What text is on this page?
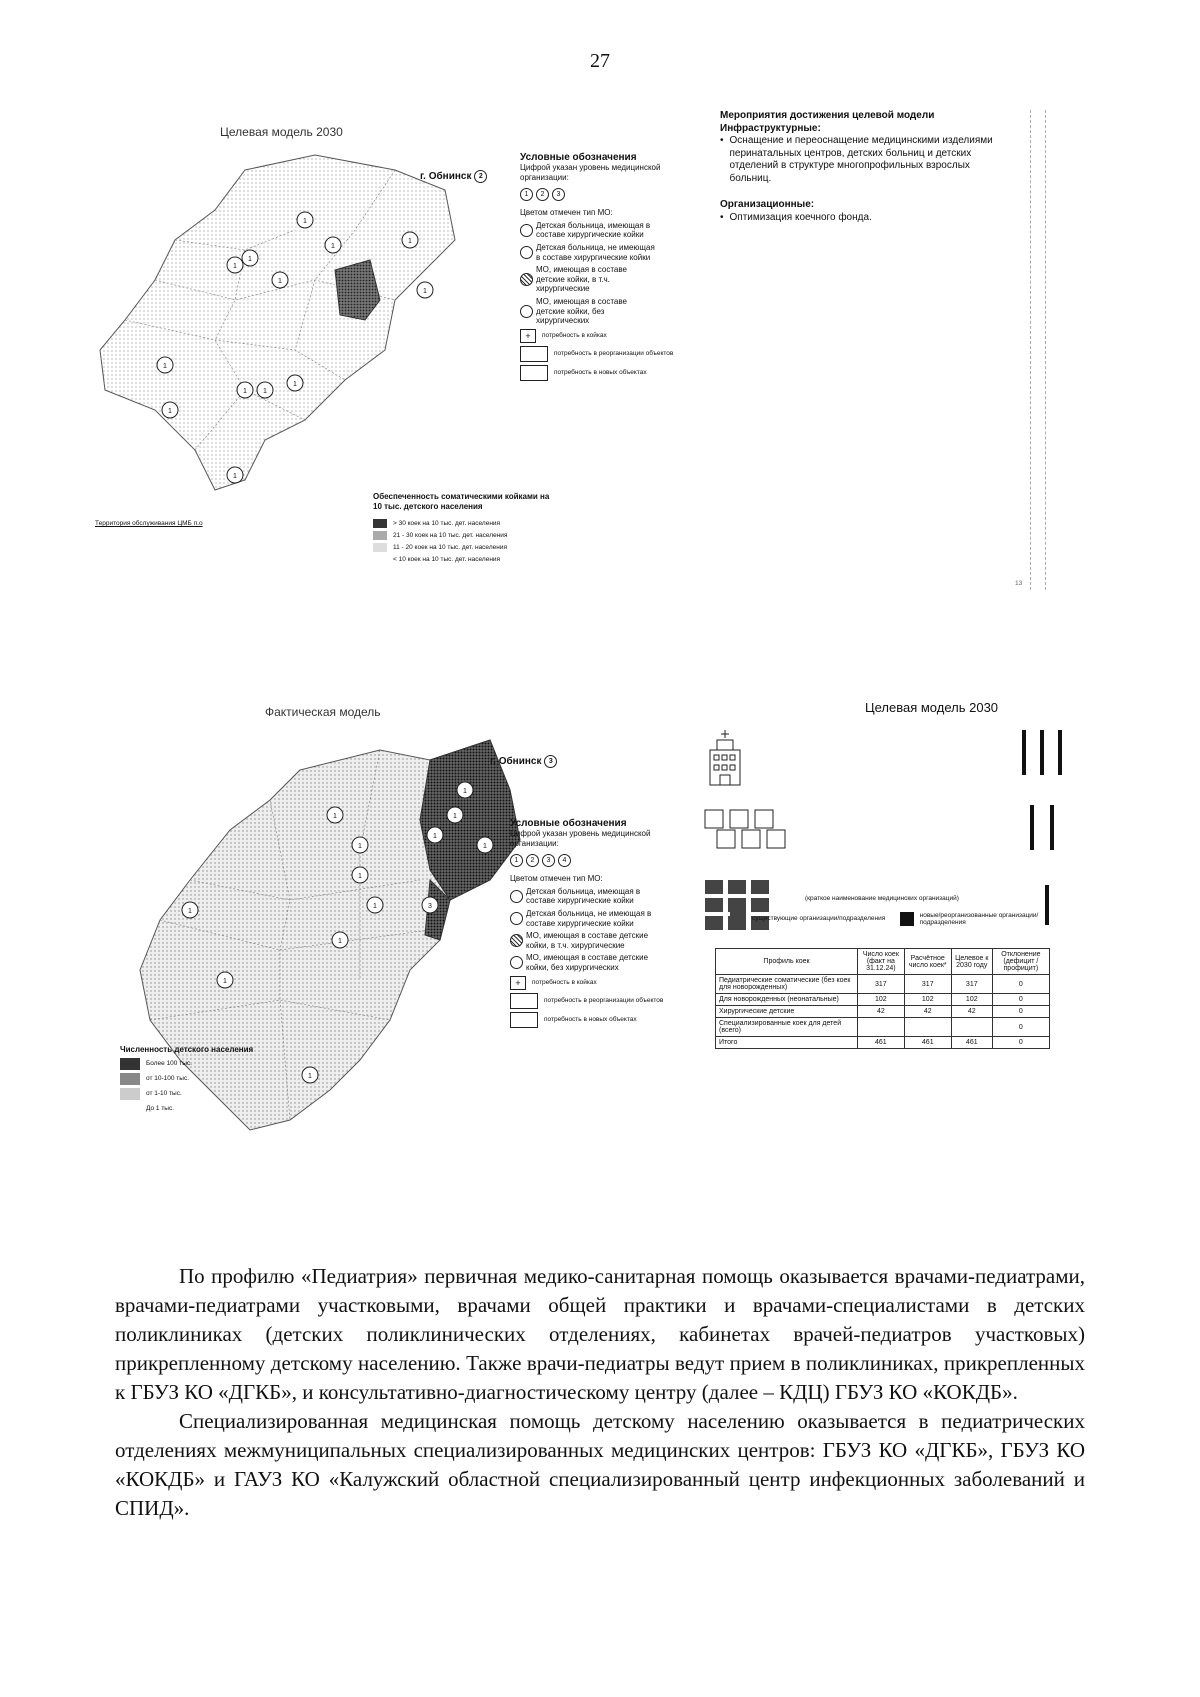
27
Целевая модель 2030
1
1
1
1
1
1
1
1
1 1
1
1
1
г. Обнинск 2
Территория обслуживания ЦМБ п.о
Условные обозначения
Цифрой указан уровень медицинской организации:
1 2 3
Цветом отмечен тип МО:
Детская больница, имеющая в составе хирургические койки
Детская больница, не имеющая в составе хирургические койки
МО, имеющая в составе детские койки, в т.ч. хирургические
МО, имеющая в составе детские койки, без хирургических
+	потребность в койках
потребность в реорганизации объектов
потребность в новых объектах
Обеспеченность соматическими койками на 10 тыс. детского населения
> 30 коек на 10 тыс. дет. населения
21 - 30 коек на 10 тыс. дет. населения
11 - 20 коек на 10 тыс. дет. населения
< 10 коек на 10 тыс. дет. населения
Мероприятия достижения целевой модели
Инфраструктурные:
• Оснащение и переоснащение медицинскими изделиями перинатальных центров, детских больниц и детских отделений в структуре многопрофильных взрослых больниц.
Организационные:
• Оптимизация коечного фонда.
13
Фактическая модель	Целевая модель 2030
1
1
1
1
1
1
1
1
1
3
1
1
1
г. Обнинск 3
Численность детского населения
Более 100 тыс.
от 10-100 тыс.
от 1-10 тыс.
До 1 тыс.
Условные обозначения
Цифрой указан уровень медицинской организации:
1 2 3 4
Цветом отмечен тип МО:
Детская больница, имеющая в составе хирургические койки
Детская больница, не имеющая в составе хирургические койки
МО, имеющая в составе детские койки, в т.ч. хирургические
МО, имеющая в составе детские койки, без хирургических
+	потребность в койках
потребность в реорганизации объектов
потребность в новых объектах
(краткое наименование медицинских организаций)
существующие организации/подразделения	новые/реорганизованные организации/подразделения
Профиль коек	Число коек (факт на 31.12.24)	Расчётное число коек*	Целевое к 2030 году	Отклонение (дефицит / профицит)
Педиатрические соматические (без коек для новорожденных)	317	317	317	0
Для новорожденных (неонатальные)	102	102	102	0
Хирургические детские	42	42	42	0
Специализированные коек для детей (всего)				0
Итого	461	461	461	0

По профилю «Педиатрия» первичная медико-санитарная помощь оказывается врачами-педиатрами, врачами-педиатрами участковыми, врачами общей практики и врачами-специалистами в детских поликлиниках (детских поликлинических отделениях, кабинетах врачей-педиатров участковых) прикрепленному детскому населению. Также врачи-педиатры ведут прием в поликлиниках, прикрепленных к ГБУЗ КО «ДГКБ», и консультативно-диагностическому центру (далее – КДЦ) ГБУЗ КО «КОКДБ».

Специализированная медицинская помощь детскому населению оказывается в педиатрических отделениях межмуниципальных специализированных медицинских центров: ГБУЗ КО «ДГКБ», ГБУЗ КО «КОКДБ» и ГАУЗ КО «Калужский областной специализированный центр инфекционных заболеваний и СПИД».
